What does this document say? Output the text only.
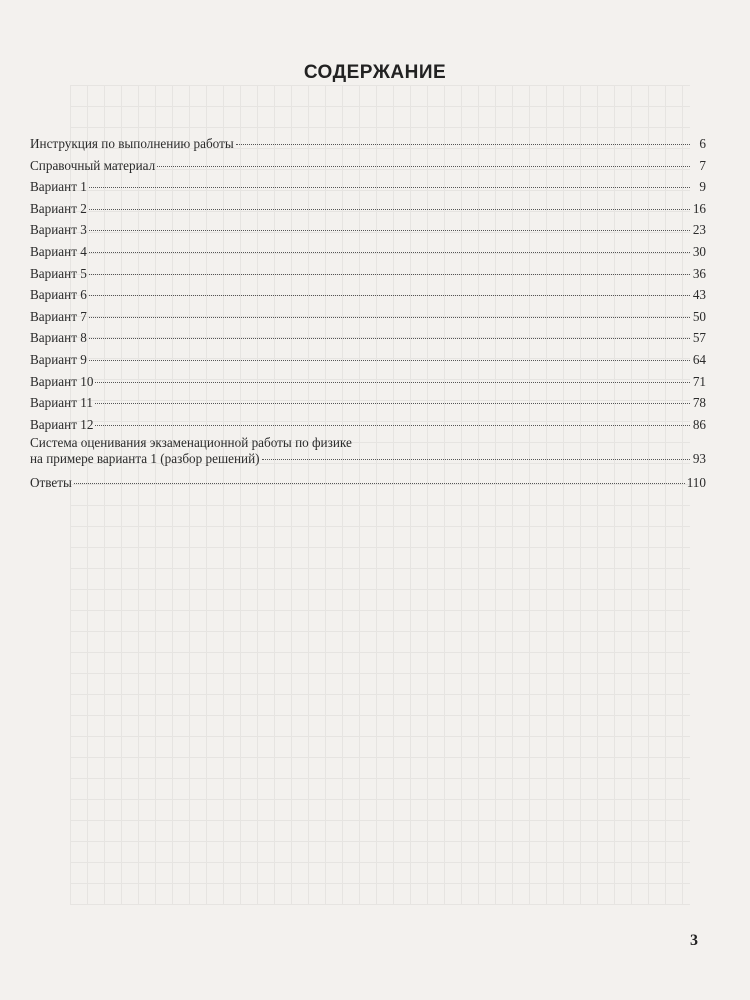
СОДЕРЖАНИЕ
Инструкция по выполнению работы	6
Справочный материал	7
Вариант 1	9
Вариант 2	16
Вариант 3	23
Вариант 4	30
Вариант 5	36
Вариант 6	43
Вариант 7	50
Вариант 8	57
Вариант 9	64
Вариант 10	71
Вариант 11	78
Вариант 12	86
Система оценивания экзаменационной работы по физике
на примере варианта 1 (разбор решений)	93
Ответы	110
3
